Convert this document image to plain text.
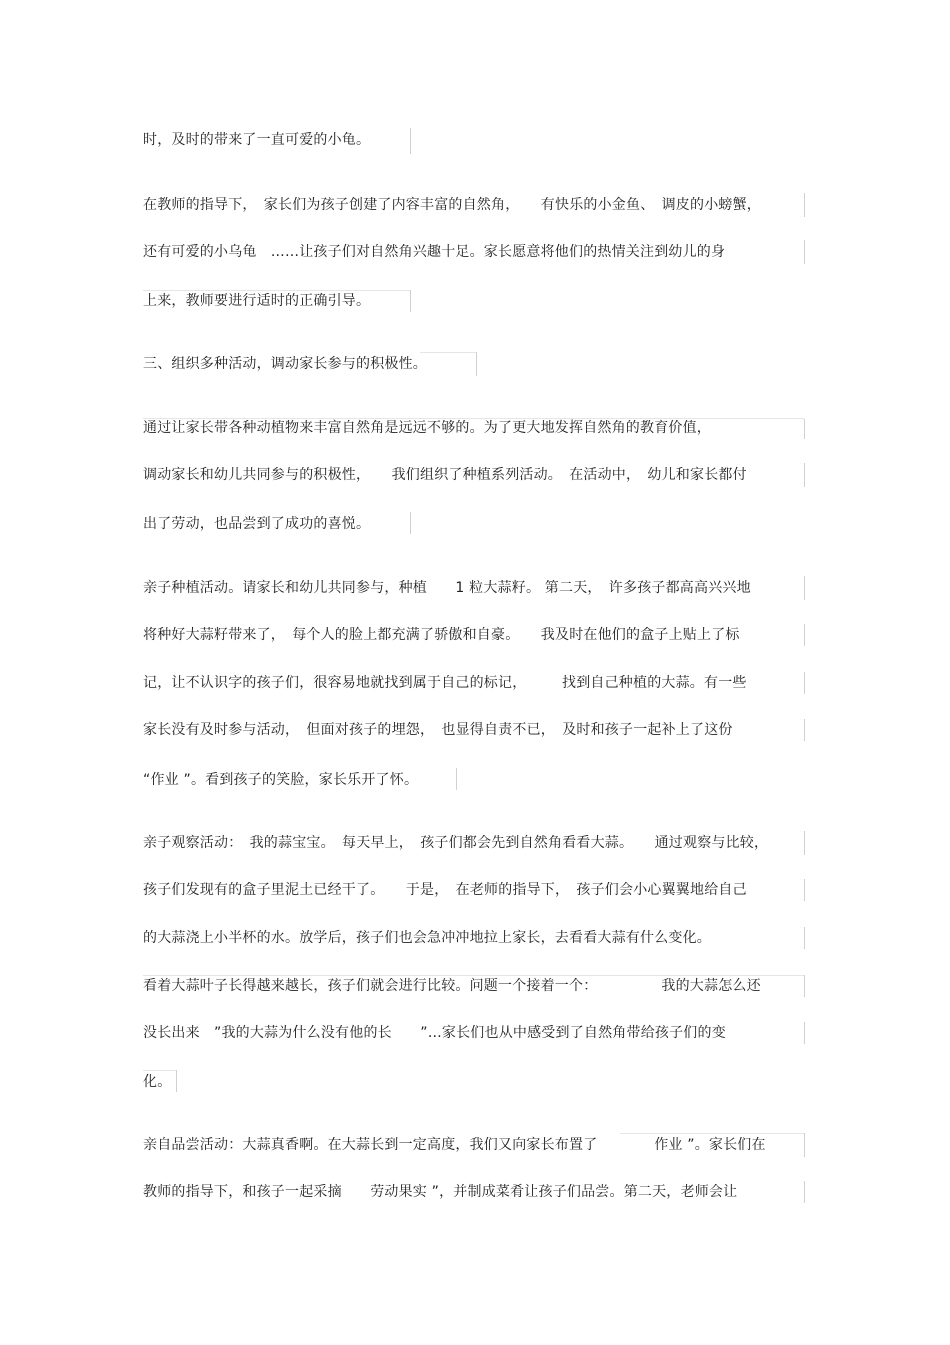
时，及时的带来了一直可爱的小龟。
在教师的指导下，　家长们为孩子创建了内容丰富的自然角，　　有快乐的小金鱼、　调皮的小螃蟹，
还有可爱的小乌龟　……让孩子们对自然角兴趣十足。家长愿意将他们的热情关注到幼儿的身
上来，教师要进行适时的正确引导。
三、组织多种活动，调动家长参与的积极性。
通过让家长带各种动植物来丰富自然角是远远不够的。为了更大地发挥自然角的教育价值，
调动家长和幼儿共同参与的积极性，　　我们组织了种植系列活动。　在活动中，　幼儿和家长都付
出了劳动，也品尝到了成功的喜悦。
亲子种植活动。请家长和幼儿共同参与，种植　　1 粒大蒜籽。 第二天，　许多孩子都高高兴兴地
将种好大蒜籽带来了，　每个人的脸上都充满了骄傲和自豪。　　我及时在他们的盒子上贴上了标
记，让不认识字的孩子们，很容易地就找到属于自己的标记，　　　找到自己种植的大蒜。有一些
家长没有及时参与活动，　但面对孩子的埋怨，　也显得自责不已，　及时和孩子一起补上了这份
“作业 ”。看到孩子的笑脸，家长乐开了怀。
亲子观察活动：　我的蒜宝宝。　每天早上，　孩子们都会先到自然角看看大蒜。　　通过观察与比较，
孩子们发现有的盒子里泥土已经干了。　　于是，　在老师的指导下，　孩子们会小心翼翼地给自己
的大蒜浇上小半杯的水。放学后，孩子们也会急冲冲地拉上家长，去看看大蒜有什么变化。
看着大蒜叶子长得越来越长，孩子们就会进行比较。问题一个接着一个：　　　　　我的大蒜怎么还
没长出来　”我的大蒜为什么没有他的长　　”…家长们也从中感受到了自然角带给孩子们的变
化。
亲自品尝活动：大蒜真香啊。在大蒜长到一定高度，我们又向家长布置了　　　　作业 ”。家长们在
教师的指导下，和孩子一起采摘　　劳动果实 ”，并制成菜肴让孩子们品尝。第二天，老师会让
